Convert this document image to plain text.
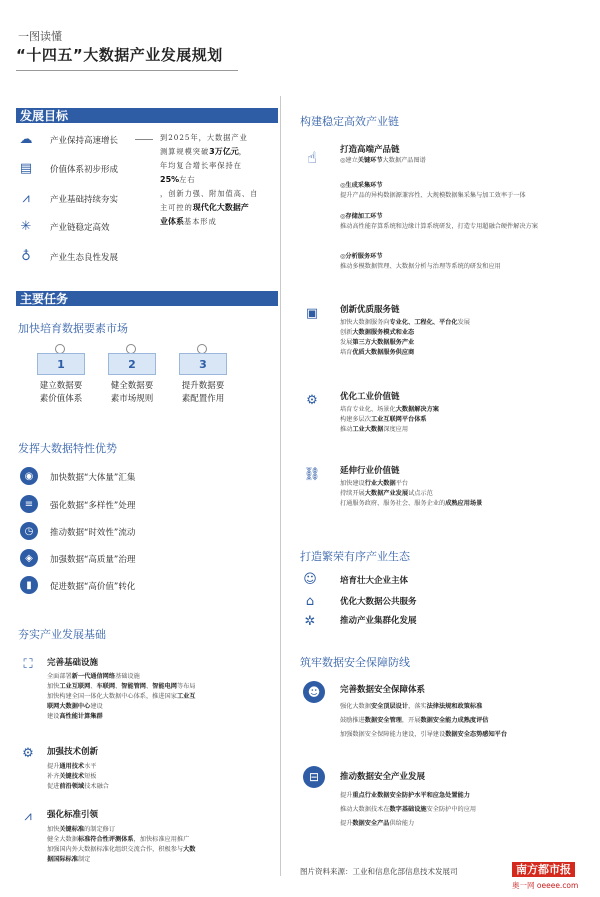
一图读懂
“十四五”大数据产业发展规划
发展目标
☁ 产业保持高速增长
▤ 价值体系初步形成
⩘	产业基础持续夯实
✳ 产业链稳定高效
♁	产业生态良性发展
到2025年，大数据产业
测算规模突破3万亿元，
年均复合增长率保持在
25%左右
，创新力强、附加值高、自
主可控的现代化大数据产
业体系基本形成
主要任务
加快培育数据要素市场
1
建立数据要
素价值体系
2
健全数据要
素市场规则
3
提升数据要
素配置作用
发挥大数据特性优势
◉	加快数据“大体量”汇集
≡	强化数据“多样性”处理
◷	推动数据“时效性”流动
◈	加强数据“高质量”治理
▮	促进数据“高价值”转化
夯实产业发展基础
⛶	完善基础设施
全面部署新一代通信网络基础设施
加快工业互联网、车联网、智能管网、智能电网等布局
加快构建全国一体化大数据中心体系，推进国家工业互
联网大数据中心建设
建设高性能计算集群
⚙ 加强技术创新
提升通用技术水平
补齐关键技术短板
促进前沿领域技术融合
⩘	强化标准引领
加快关键标准的制定修订
健全大数据标准符合性评测体系，加快标准应用推广
加强国内外大数据标准化组织交流合作，积极参与大数
据国际标准制定
构建稳定高效产业链
☝	打造高端产品链
◎建立关键环节大数据产品图谱
◎生成采集环节
提升产品的异构数据源兼容性、大规模数据集采集与加工效率于一体
◎存储加工环节
推动高性能存算系统和边缘计算系统研发，打造专用超融合硬件解决方案
◎分析服务环节
推动多模数据管理、大数据分析与治理等系统的研发和应用
▣	创新优质服务链
加快大数据服务向专业化、工程化、平台化发展
创新大数据服务模式和业态
发展第三方大数据服务产业
培育优质大数据服务供应商
⚙	优化工业价值链
培育专业化、场景化大数据解决方案
构建多层次工业互联网平台体系
推动工业大数据深度应用
⛓ 延伸行业价值链
加快建设行业大数据平台
持续开展大数据产业发展试点示范
打通服务政府、服务社会、服务企业的成熟应用场景
打造繁荣有序产业生态
☺	培育壮大企业主体
⌂	优化大数据公共服务
✲	推动产业集群化发展
筑牢数据安全保障防线
☻	完善数据安全保障体系
强化大数据安全顶层设计，落实法律法规和政策标准
鼓励推进数据安全管理，开展数据安全能力成熟度评估
加强数据安全保障能力建设，引导建设数据安全态势感知平台
⊟	推动数据安全产业发展
提升重点行业数据安全防护水平和应急处置能力
推动大数据技术在数字基础设施安全防护中的应用
提升数据安全产品供给能力
图片资料来源：工业和信息化部信息技术发展司	南方都市报
奥一网 oeeee.com
